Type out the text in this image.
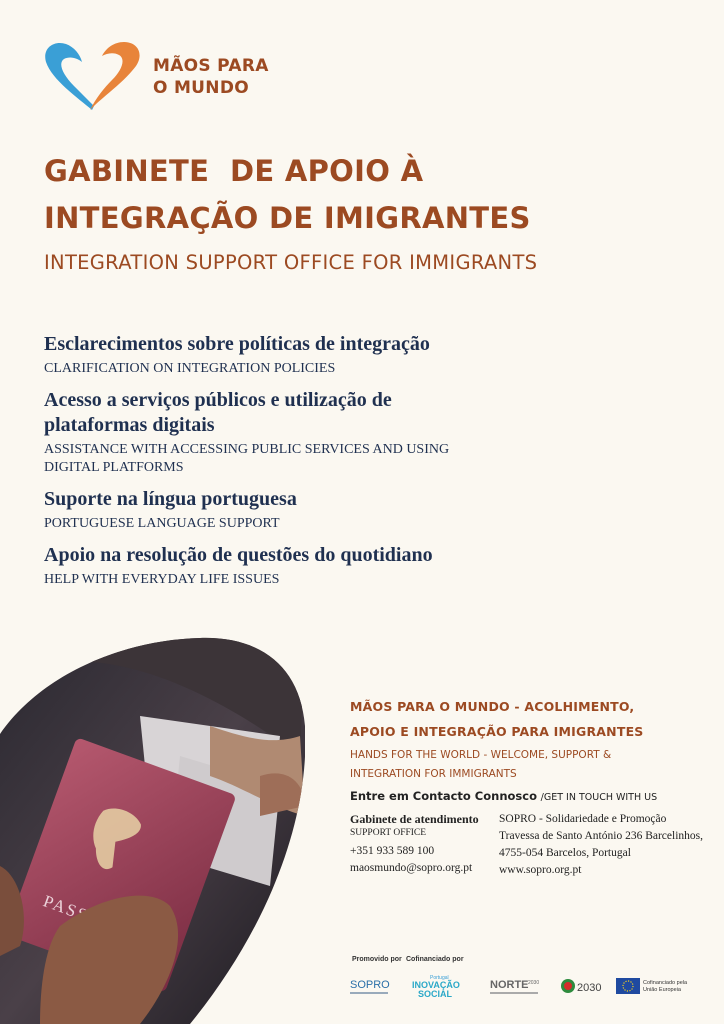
MÃOS PARA
O MUNDO
GABINETE  DE APOIO À
INTEGRAÇÃO DE IMIGRANTES
INTEGRATION SUPPORT OFFICE FOR IMMIGRANTS
Esclarecimentos sobre políticas de integração
CLARIFICATION ON INTEGRATION POLICIES
Acesso a serviços públicos e utilização de plataformas digitais
ASSISTANCE WITH ACCESSING PUBLIC SERVICES AND USING DIGITAL PLATFORMS
Suporte na língua portuguesa
PORTUGUESE LANGUAGE SUPPORT
Apoio na resolução de questões do quotidiano
HELP WITH EVERYDAY LIFE ISSUES
MÃOS PARA O MUNDO - ACOLHIMENTO,
APOIO E INTEGRAÇÃO PARA IMIGRANTES
HANDS FOR THE WORLD - WELCOME, SUPPORT &
INTEGRATION FOR IMMIGRANTS
Entre em Contacto Connosco /GET IN TOUCH WITH US
Gabinete de atendimento
SUPPORT OFFICE
+351 933 589 100
maosmundo@sopro.org.pt
SOPRO - Solidariedade e Promoção
Travessa de Santo António 236 Barcelinhos,
4755-054 Barcelos, Portugal
www.sopro.org.pt
Promovido por Cofinanciado por
SOPRO
Portugal
INOVAÇÃO
SOCIAL
NORTE 2030	2030	Cofinanciado pela
União Europeia
